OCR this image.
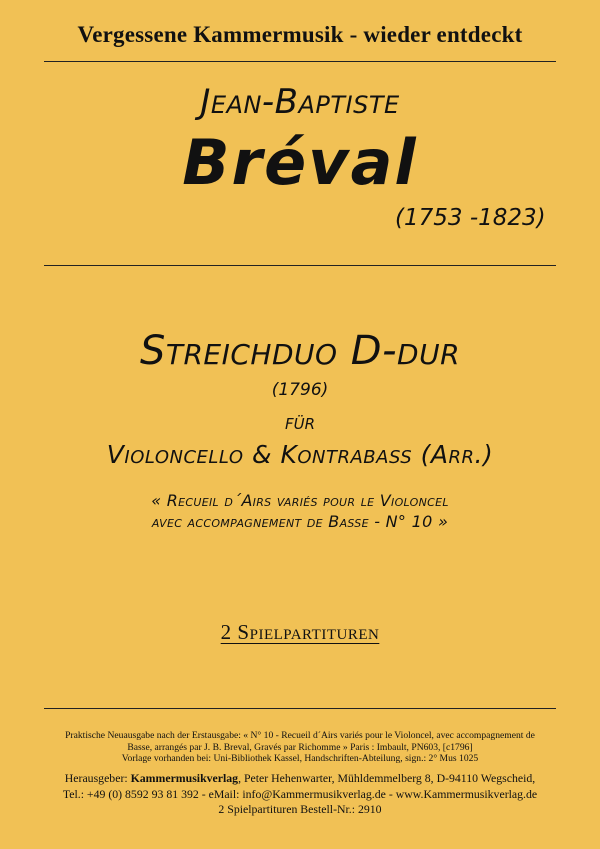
Vergessene Kammermusik - wieder entdeckt
Jean-Baptiste
Bréval
(1753 -1823)
Streichduo D-dur
(1796)
für
Violoncello & Kontrabass (Arr.)
« Recueil d´Airs variés pour le Violoncel
avec accompagnement de Basse - N° 10 »
2 Spielpartituren
Praktische Neuausgabe nach der Erstausgabe: « N° 10 - Recueil d´Airs variés pour le Violoncel, avec accompagnement de
Basse, arrangés par J. B. Breval, Gravés par Richomme » Paris : Imbault, PN603, [c1796]
Vorlage vorhanden bei: Uni-Bibliothek Kassel, Handschriften-Abteilung, sign.: 2° Mus 1025
Herausgeber: Kammermusikverlag, Peter Hehenwarter, Mühldemmelberg 8, D-94110 Wegscheid,
Tel.: +49 (0) 8592 93 81 392 - eMail: info@Kammermusikverlag.de - www.Kammermusikverlag.de
2 Spielpartituren Bestell-Nr.: 2910
